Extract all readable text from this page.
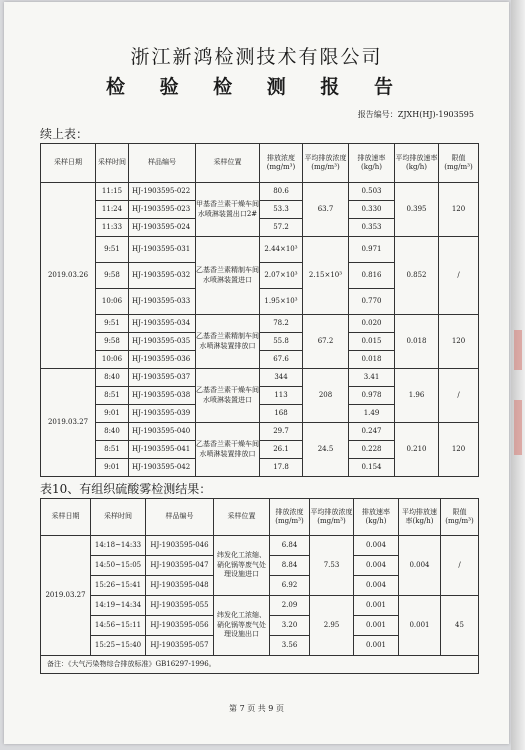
浙江新鸿检测技术有限公司
检 验 检 测 报 告
报告编号：ZJXH(HJ)-1903595
续上表：
采样日期	采样时间	样品编号	采样位置	排放浓度(mg/m³)	平均排放浓度(mg/m³)	排放速率(kg/h)	平均排放速率(kg/h)	限值(mg/m³)
2019.03.26	11:15	HJ-1903595-022	甲基香兰素干燥车间水喷淋装置出口2#	80.6	63.7	0.503	0.395	120
	11:24	HJ-1903595-023		53.3		0.330		
	11:33	HJ-1903595-024		57.2		0.353		
	9:51	HJ-1903595-031	乙基香兰素精制车间水喷淋装置进口	2.44×10³	2.15×10³	0.971	0.852	/
	9:58	HJ-1903595-032		2.07×10³		0.816		
	10:06	HJ-1903595-033		1.95×10³		0.770		
	9:51	HJ-1903595-034	乙基香兰素精制车间水喷淋装置排放口	78.2	67.2	0.020	0.018	120
	9:58	HJ-1903595-035		55.8		0.015		
	10:06	HJ-1903595-036		67.6		0.018		
2019.03.27	8:40	HJ-1903595-037	乙基香兰素干燥车间水喷淋装置进口	344	208	3.41	1.96	/
	8:51	HJ-1903595-038		113		0.978		
	9:01	HJ-1903595-039		168		1.49		
	8:40	HJ-1903595-040	乙基香兰素干燥车间水喷淋装置排放口	29.7	24.5	0.247	0.210	120
	8:51	HJ-1903595-041		26.1		0.228		
	9:01	HJ-1903595-042		17.8		0.154		
表10、有组织硫酸雾检测结果：
采样日期	采样时间	样品编号	采样位置	排放浓度(mg/m³)	平均排放浓度(mg/m³)	排放速率(kg/h)	平均排放速率(kg/h)	限值(mg/m³)
2019.03.27	14:18~14:33	HJ-1903595-046	纬发化工浓缩、硝化锅等废气处理设施进口	6.84	7.53	0.004	0.004	/
	14:50~15:05	HJ-1903595-047		8.84		0.004		
	15:26~15:41	HJ-1903595-048		6.92		0.004		
	14:19~14:34	HJ-1903595-055	纬发化工浓缩、硝化锅等废气处理设施出口	2.09	2.95	0.001	0.001	45
	14:56~15:11	HJ-1903595-056		3.20		0.001		
	15:25~15:40	HJ-1903595-057		3.56		0.001		
备注：《大气污染物综合排放标准》GB16297-1996。								
第 7 页 共 9 页
